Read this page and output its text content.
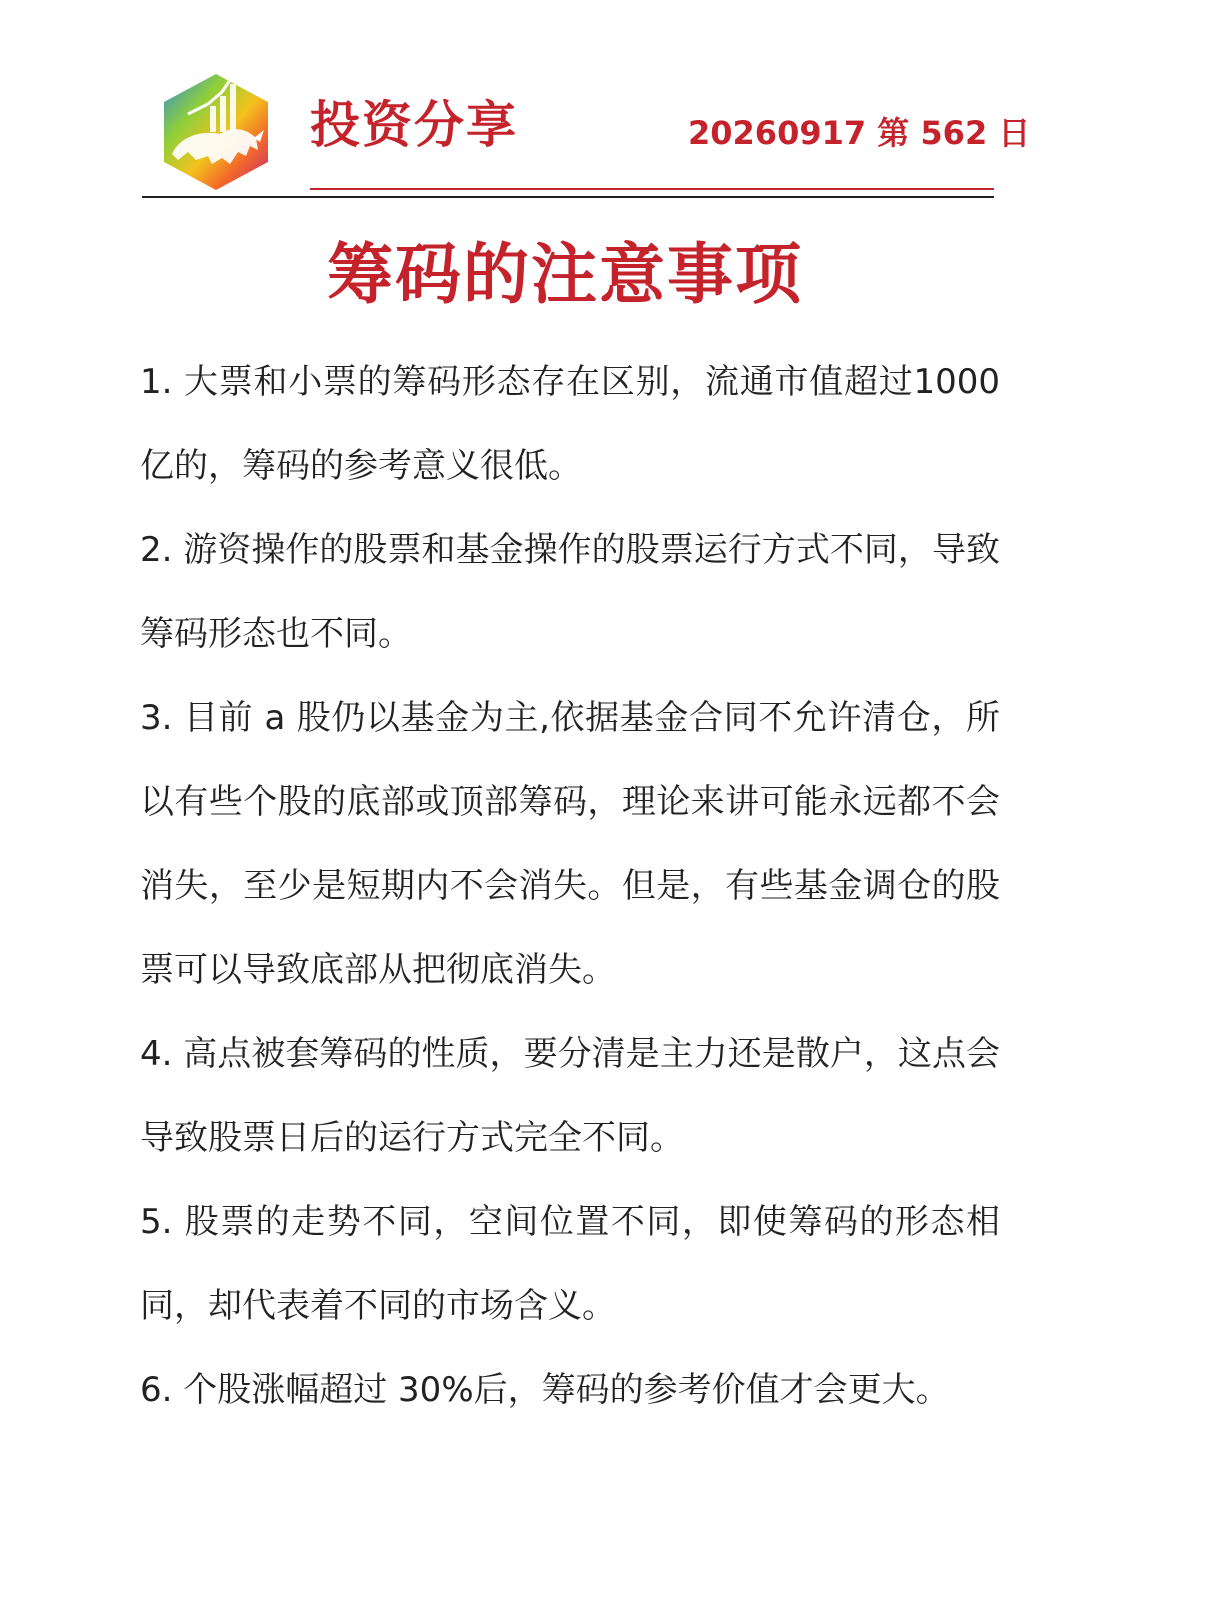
投资分享	20260917 第 562 日
筹码的注意事项
1. 大票和小票的筹码形态存在区别，流通市值超过1000 亿的，筹码的参考意义很低。
2. 游资操作的股票和基金操作的股票运行方式不同，导致筹码形态也不同。
3. 目前 a 股仍以基金为主,依据基金合同不允许清仓，所以有些个股的底部或顶部筹码，理论来讲可能永远都不会消失，至少是短期内不会消失。但是，有些基金调仓的股票可以导致底部从把彻底消失。
4. 高点被套筹码的性质，要分清是主力还是散户，这点会导致股票日后的运行方式完全不同。
5. 股票的走势不同，空间位置不同，即使筹码的形态相同，却代表着不同的市场含义。
6. 个股涨幅超过 30%后，筹码的参考价值才会更大。
